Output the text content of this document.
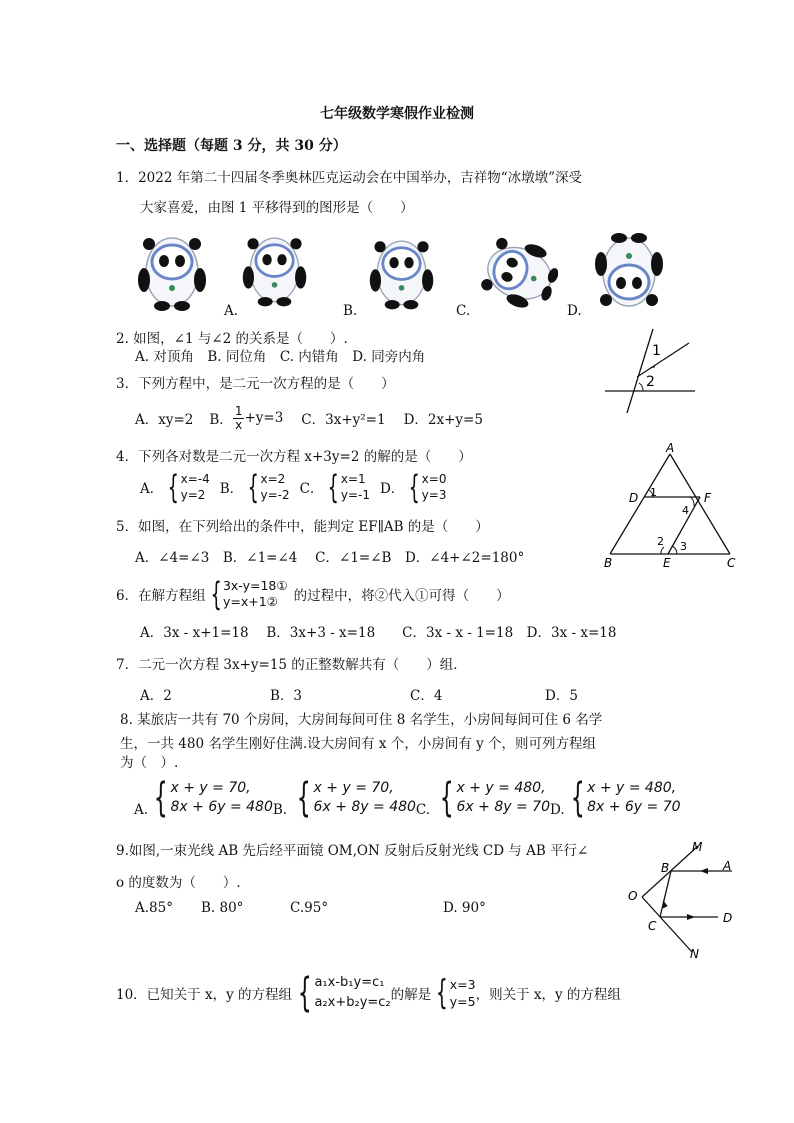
七年级数学寒假作业检测
一、选择题（每题 3 分，共 30 分）
1．2022 年第二十四届冬季奥林匹克运动会在中国举办，吉祥物“冰墩墩”深受
大家喜爱，由图 1 平移得到的图形是（　　）
A.	B.	C.	D.
2. 如图，∠1 与∠2 的关系是（　　）.
A. 对顶角　B. 同位角　C. 内错角　D. 同旁内角	1
2
3．下列方程中，是二元一次方程的是（　　）
A．xy=2 B． $\frac{1}{x} +y=3$ C．3x+y²=1 D．2x+y=5
4．下列各对数是二元一次方程 x+3y=2 的解的是（　　）
A． { x=-4
y=2	B． { x=2
y=-2 C． { x=1
y=-1 D． { x=0
y=3
A
D 1	F
4
2 3
B	E	C
5．如图，在下列给出的条件中，能判定 EF∥AB 的是（　　）
A．∠4=∠3　B．∠1=∠4　 C．∠1=∠B　D．∠4+∠2=180°
6．在解方程组 { 3x-y=18①
y=x+1②	的过程中，将②代入①可得（　　）
A．3x - x+1=18　 B．3x+3 - x=18　　C．3x - x - 1=18　D．3x - x=18
7．二元一次方程 3x+y=15 的正整数解共有（　　）组．
A．2	B．3	C．4	D．5
8. 某旅店一共有 70 个房间，大房间每间可住 8 名学生，小房间每间可住 6 名学
生，一共 480 名学生刚好住满.设大房间有 x 个，小房间有 y 个，则可列方程组
为（　）.
A. { x + y = 70,
8x + 6y = 480 B. { x + y = 70,
6x + 8y = 480 C. { x + y = 480,
6x + 8y = 70 D. { x + y = 480,
8x + 6y = 70
9.如图,一束光线 AB 先后经平面镜 OM,ON 反射后反射光线 CD 与 AB 平行∠
o 的度数为（　　）.
A.85° B. 80°	C.95°	D. 90°
M
B	A
O
C
D
N
10．已知关于 x，y 的方程组 { a₁x-b₁y=c₁
a₂x+b₂y=c₂ 的解是 { x=3
y=5 ，则关于 x，y 的方程组
